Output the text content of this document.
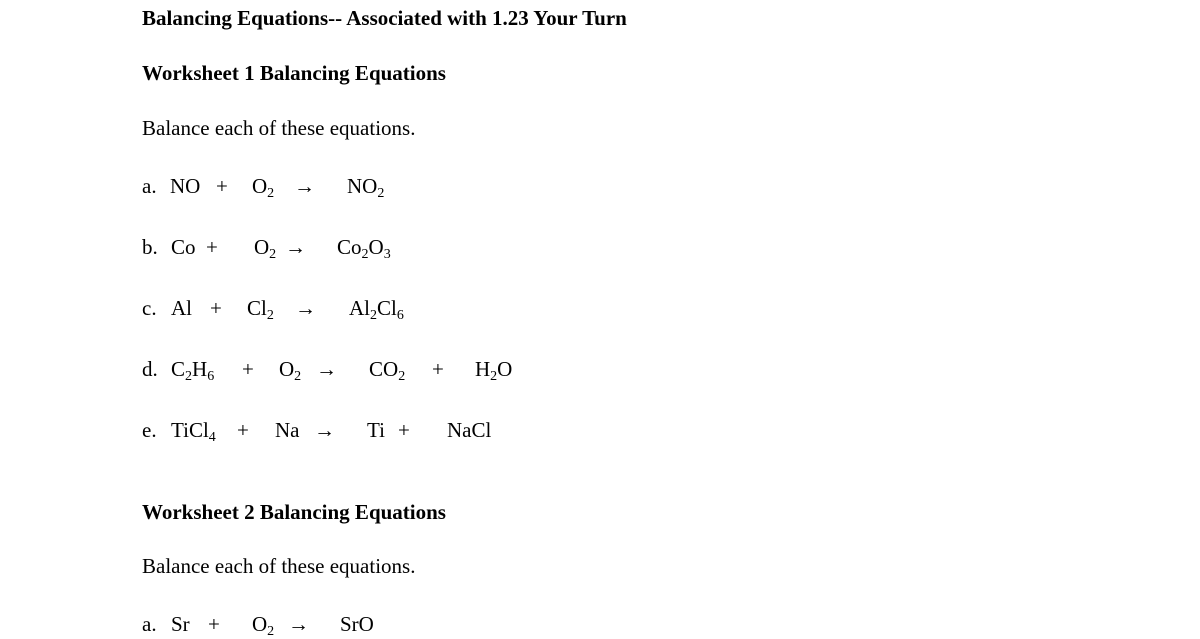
Balancing Equations-- Associated with 1.23 Your Turn
Worksheet 1 Balancing Equations
Balance each of these equations.
a. NO + $O_2 \to NO_2$
b. $Co + O_2 \to Co_2O_3$
c. $Al + Cl_2 \to Al_2Cl_6$
d. $C_2H_6 + O_2 \to CO_2 + H_2O$
e. TiCl$_4$ + Na → Ti + NaCl
Worksheet 2 Balancing Equations
Balance each of these equations.
a. $Sr + O_2$ → SrO
